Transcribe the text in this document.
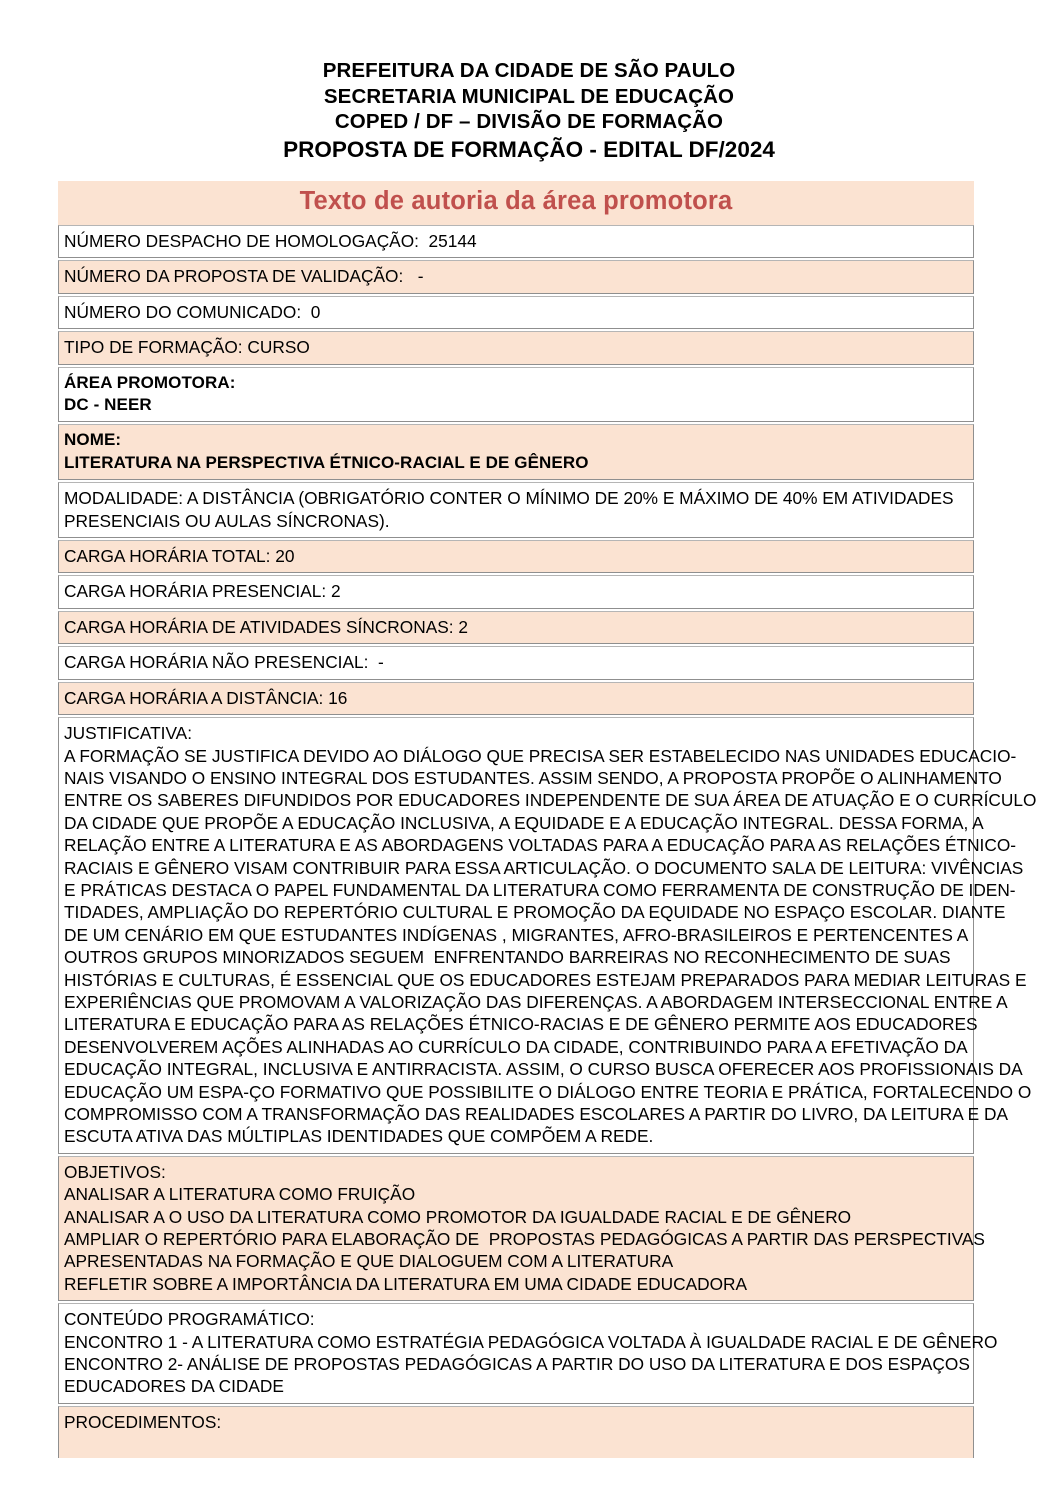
PREFEITURA DA CIDADE DE SÃO PAULO
SECRETARIA MUNICIPAL DE EDUCAÇÃO
COPED / DF – DIVISÃO DE FORMAÇÃO
PROPOSTA DE FORMAÇÃO - EDITAL DF/2024
Texto de autoria da área promotora
NÚMERO DESPACHO DE HOMOLOGAÇÃO:  25144
NÚMERO DA PROPOSTA DE VALIDAÇÃO:   -
NÚMERO DO COMUNICADO:  0
TIPO DE FORMAÇÃO: CURSO
ÁREA PROMOTORA:
DC - NEER
NOME:
LITERATURA NA PERSPECTIVA ÉTNICO-RACIAL E DE GÊNERO
MODALIDADE: A DISTÂNCIA (OBRIGATÓRIO CONTER O MÍNIMO DE 20% E MÁXIMO DE 40% EM ATIVIDADES
PRESENCIAIS OU AULAS SÍNCRONAS).
CARGA HORÁRIA TOTAL: 20
CARGA HORÁRIA PRESENCIAL: 2
CARGA HORÁRIA DE ATIVIDADES SÍNCRONAS: 2
CARGA HORÁRIA NÃO PRESENCIAL:  -
CARGA HORÁRIA A DISTÂNCIA: 16
JUSTIFICATIVA:
A FORMAÇÃO SE JUSTIFICA DEVIDO AO DIÁLOGO QUE PRECISA SER ESTABELECIDO NAS UNIDADES EDUCACIO-
NAIS VISANDO O ENSINO INTEGRAL DOS ESTUDANTES. ASSIM SENDO, A PROPOSTA PROPÕE O ALINHAMENTO
ENTRE OS SABERES DIFUNDIDOS POR EDUCADORES INDEPENDENTE DE SUA ÁREA DE ATUAÇÃO E O CURRÍCULO
DA CIDADE QUE PROPÕE A EDUCAÇÃO INCLUSIVA, A EQUIDADE E A EDUCAÇÃO INTEGRAL. DESSA FORMA, A
RELAÇÃO ENTRE A LITERATURA E AS ABORDAGENS VOLTADAS PARA A EDUCAÇÃO PARA AS RELAÇÕES ÉTNICO-
RACIAIS E GÊNERO VISAM CONTRIBUIR PARA ESSA ARTICULAÇÃO. O DOCUMENTO SALA DE LEITURA: VIVÊNCIAS
E PRÁTICAS DESTACA O PAPEL FUNDAMENTAL DA LITERATURA COMO FERRAMENTA DE CONSTRUÇÃO DE IDEN-
TIDADES, AMPLIAÇÃO DO REPERTÓRIO CULTURAL E PROMOÇÃO DA EQUIDADE NO ESPAÇO ESCOLAR. DIANTE
DE UM CENÁRIO EM QUE ESTUDANTES INDÍGENAS , MIGRANTES, AFRO-BRASILEIROS E PERTENCENTES A
OUTROS GRUPOS MINORIZADOS SEGUEM  ENFRENTANDO BARREIRAS NO RECONHECIMENTO DE SUAS
HISTÓRIAS E CULTURAS, É ESSENCIAL QUE OS EDUCADORES ESTEJAM PREPARADOS PARA MEDIAR LEITURAS E
EXPERIÊNCIAS QUE PROMOVAM A VALORIZAÇÃO DAS DIFERENÇAS. A ABORDAGEM INTERSECCIONAL ENTRE A
LITERATURA E EDUCAÇÃO PARA AS RELAÇÕES ÉTNICO-RACIAS E DE GÊNERO PERMITE AOS EDUCADORES
DESENVOLVEREM AÇÕES ALINHADAS AO CURRÍCULO DA CIDADE, CONTRIBUINDO PARA A EFETIVAÇÃO DA
EDUCAÇÃO INTEGRAL, INCLUSIVA E ANTIRRACISTA. ASSIM, O CURSO BUSCA OFERECER AOS PROFISSIONAIS DA
EDUCAÇÃO UM ESPA-ÇO FORMATIVO QUE POSSIBILITE O DIÁLOGO ENTRE TEORIA E PRÁTICA, FORTALECENDO O
COMPROMISSO COM A TRANSFORMAÇÃO DAS REALIDADES ESCOLARES A PARTIR DO LIVRO, DA LEITURA E DA
ESCUTA ATIVA DAS MÚLTIPLAS IDENTIDADES QUE COMPÕEM A REDE.
OBJETIVOS:
ANALISAR A LITERATURA COMO FRUIÇÃO
ANALISAR A O USO DA LITERATURA COMO PROMOTOR DA IGUALDADE RACIAL E DE GÊNERO
AMPLIAR O REPERTÓRIO PARA ELABORAÇÃO DE  PROPOSTAS PEDAGÓGICAS A PARTIR DAS PERSPECTIVAS
APRESENTADAS NA FORMAÇÃO E QUE DIALOGUEM COM A LITERATURA
REFLETIR SOBRE A IMPORTÂNCIA DA LITERATURA EM UMA CIDADE EDUCADORA
CONTEÚDO PROGRAMÁTICO:
ENCONTRO 1 - A LITERATURA COMO ESTRATÉGIA PEDAGÓGICA VOLTADA À IGUALDADE RACIAL E DE GÊNERO
ENCONTRO 2- ANÁLISE DE PROPOSTAS PEDAGÓGICAS A PARTIR DO USO DA LITERATURA E DOS ESPAÇOS
EDUCADORES DA CIDADE
PROCEDIMENTOS:
